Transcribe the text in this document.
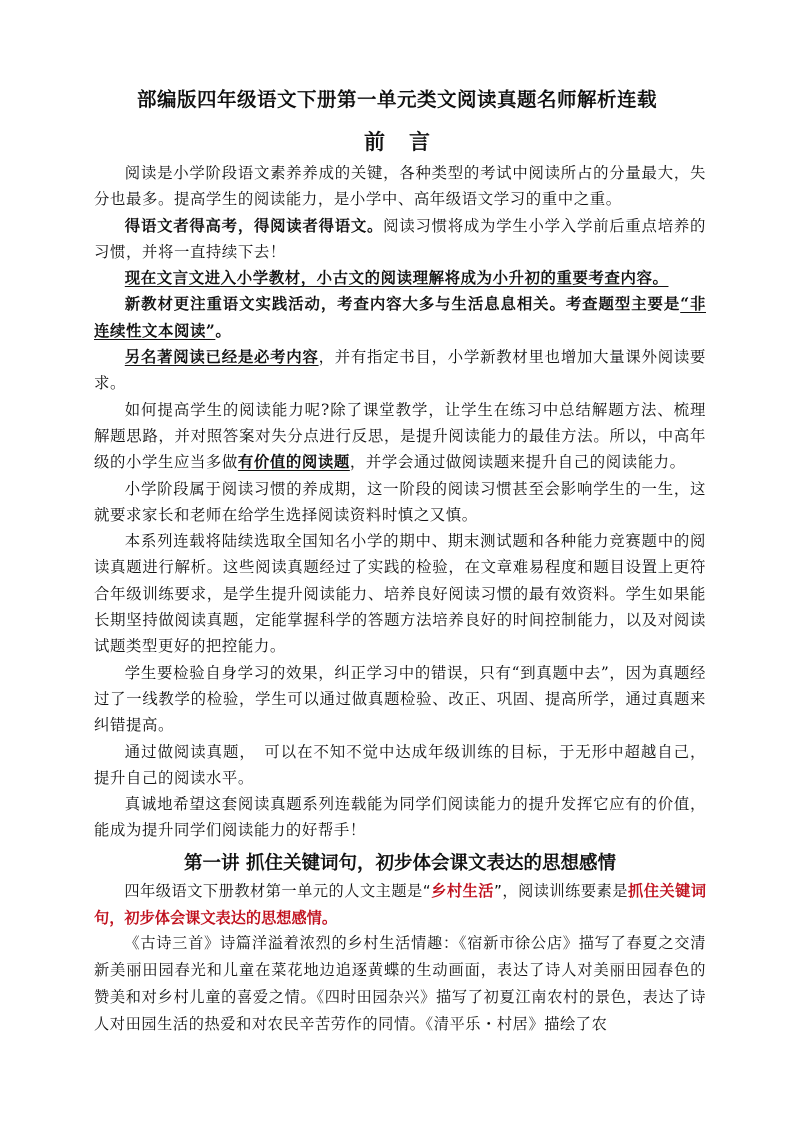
部编版四年级语文下册第一单元类文阅读真题名师解析连载
前言

阅读是小学阶段语文素养养成的关键，各种类型的考试中阅读所占的分量最大，失分也最多。提高学生的阅读能力，是小学中、高年级语文学习的重中之重。

得语文者得高考，得阅读者得语文。阅读习惯将成为学生小学入学前后重点培养的习惯，并将一直持续下去！

现在文言文进入小学教材，小古文的阅读理解将成为小升初的重要考查内容。

新教材更注重语文实践活动，考查内容大多与生活息息相关。考查题型主要是“非连续性文本阅读”。

另名著阅读已经是必考内容，并有指定书目，小学新教材里也增加大量课外阅读要求。

如何提高学生的阅读能力呢?除了课堂教学，让学生在练习中总结解题方法、梳理解题思路，并对照答案对失分点进行反思，是提升阅读能力的最佳方法。所以，中高年级的小学生应当多做有价值的阅读题，并学会通过做阅读题来提升自己的阅读能力。

小学阶段属于阅读习惯的养成期，这一阶段的阅读习惯甚至会影响学生的一生，这就要求家长和老师在给学生选择阅读资料时慎之又慎。

本系列连载将陆续选取全国知名小学的期中、期末测试题和各种能力竞赛题中的阅读真题进行解析。这些阅读真题经过了实践的检验，在文章难易程度和题目设置上更符合年级训练要求，是学生提升阅读能力、培养良好阅读习惯的最有效资料。学生如果能长期坚持做阅读真题，定能掌握科学的答题方法培养良好的时间控制能力，以及对阅读试题类型更好的把控能力。

学生要检验自身学习的效果，纠正学习中的错误，只有“到真题中去”，因为真题经过了一线教学的检验，学生可以通过做真题检验、改正、巩固、提高所学，通过真题来纠错提高。

通过做阅读真题，　可以在不知不觉中达成年级训练的目标，于无形中超越自己，提升自己的阅读水平。

真诚地希望这套阅读真题系列连载能为同学们阅读能力的提升发挥它应有的价值，能成为提升同学们阅读能力的好帮手！

第一讲 抓住关键词句，初步体会课文表达的思想感情

四年级语文下册教材第一单元的人文主题是“乡村生活”，阅读训练要素是抓住关键词句，初步体会课文表达的思想感情。

《古诗三首》诗篇洋溢着浓烈的乡村生活情趣：《宿新市徐公店》描写了春夏之交清新美丽田园春光和儿童在菜花地边追逐黄蝶的生动画面，表达了诗人对美丽田园春色的赞美和对乡村儿童的喜爱之情。《四时田园杂兴》描写了初夏江南农村的景色，表达了诗人对田园生活的热爱和对农民辛苦劳作的同情。《清平乐・村居》描绘了农
